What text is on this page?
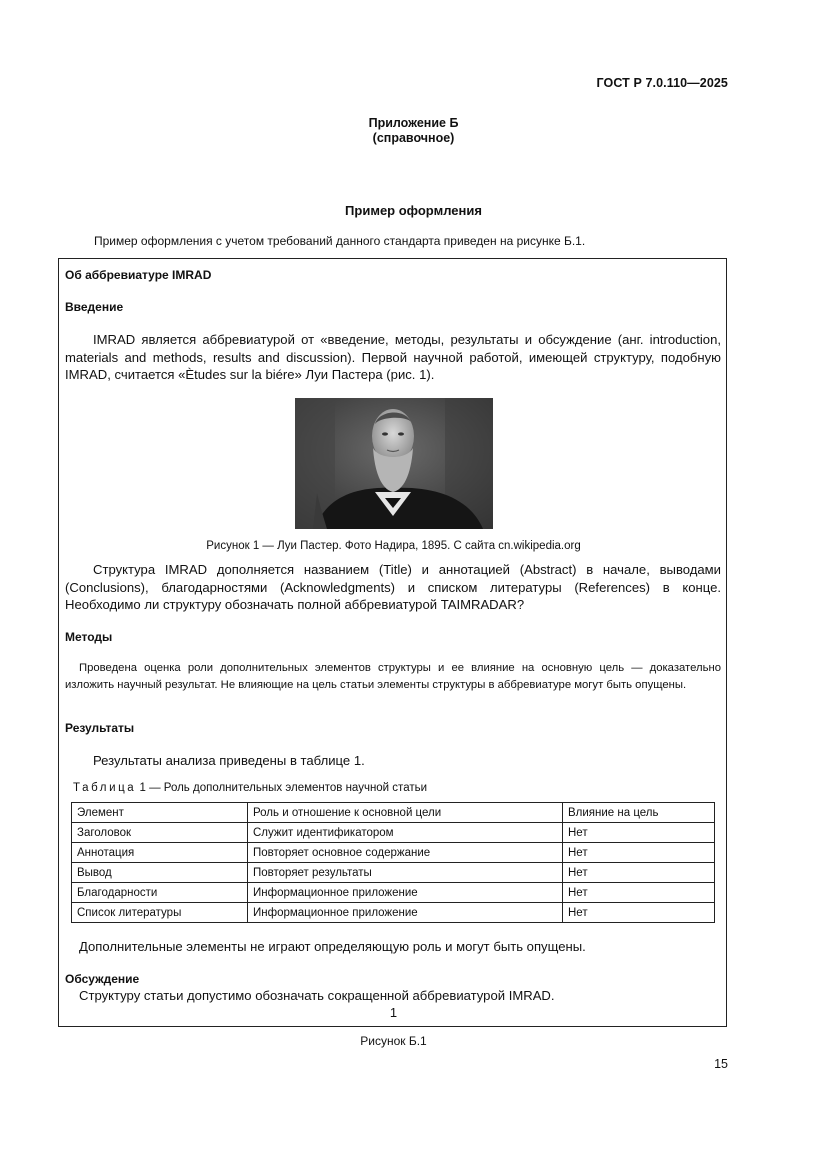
ГОСТ Р 7.0.110—2025
Приложение Б
(справочное)
Пример оформления
Пример оформления с учетом требований данного стандарта приведен на рисунке Б.1.
Об аббревиатуре IMRAD
Введение
IMRAD является аббревиатурой от «введение, методы, результаты и обсуждение (анг. introduction, materials and methods, results and discussion). Первой научной работой, имеющей структуру, подобную IMRAD, считается «Ètudes sur la biére» Луи Пастера (рис. 1).
Рисунок 1 — Луи Пастер. Фото Надира, 1895. С сайта cn.wikipedia.org
Структура IMRAD дополняется названием (Title) и аннотацией (Abstract) в начале, выводами (Conclusions), благодарностями (Acknowledgments) и списком литературы (References) в конце. Необходимо ли структуру обозначать полной аббревиатурой TAIMRADAR?
Методы
Проведена оценка роли дополнительных элементов структуры и ее влияние на основную цель — доказательно изложить научный результат. Не влияющие на цель статьи элементы структуры в аббревиатуре могут быть опущены.
Результаты
Результаты анализа приведены в таблице 1.
Таблица 1 — Роль дополнительных элементов научной статьи
Элемент	Роль и отношение к основной цели	Влияние на цель
Заголовок	Служит идентификатором	Нет
Аннотация	Повторяет основное содержание	Нет
Вывод	Повторяет результаты	Нет
Благодарности	Информационное приложение	Нет
Список литературы	Информационное приложение	Нет
Дополнительные элементы не играют определяющую роль и могут быть опущены.
Обсуждение
Структуру статьи допустимо обозначать сокращенной аббревиатурой IMRAD.
1
Рисунок Б.1
15
